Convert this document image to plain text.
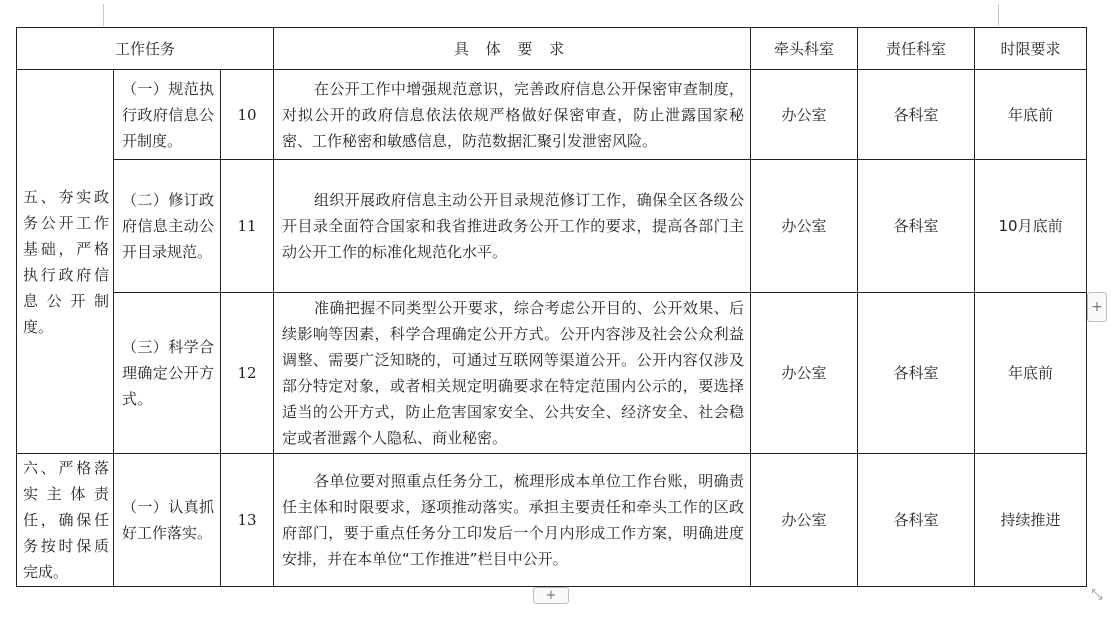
工作任务			具 体 要 求	牵头科室	责任科室	时限要求
五、夯实政务公开工作基础，严格执行政府信息公开制度。	（一）规范执行政府信息公开制度。	10	在公开工作中增强规范意识，完善政府信息公开保密审查制度，对拟公开的政府信息依法依规严格做好保密审查，防止泄露国家秘密、工作秘密和敏感信息，防范数据汇聚引发泄密风险。	办公室	各科室	年底前
	（二）修订政府信息主动公开目录规范。	11	组织开展政府信息主动公开目录规范修订工作，确保全区各级公开目录全面符合国家和我省推进政务公开工作的要求，提高各部门主动公开工作的标准化规范化水平。	办公室	各科室	10月底前
	（三）科学合理确定公开方式。	12	准确把握不同类型公开要求，综合考虑公开目的、公开效果、后续影响等因素，科学合理确定公开方式。公开内容涉及社会公众利益调整、需要广泛知晓的，可通过互联网等渠道公开。公开内容仅涉及部分特定对象，或者相关规定明确要求在特定范围内公示的，要选择适当的公开方式，防止危害国家安全、公共安全、经济安全、社会稳定或者泄露个人隐私、商业秘密。	办公室	各科室	年底前
六、严格落实主体责任，确保任务按时保质完成。	（一）认真抓好工作落实。	13	各单位要对照重点任务分工，梳理形成本单位工作台账，明确责任主体和时限要求，逐项推动落实。承担主要责任和牵头工作的区政府部门，要于重点任务分工印发后一个月内形成工作方案，明确进度安排，并在本单位“工作推进”栏目中公开。	办公室	各科室	持续推进
+
+	⤡
